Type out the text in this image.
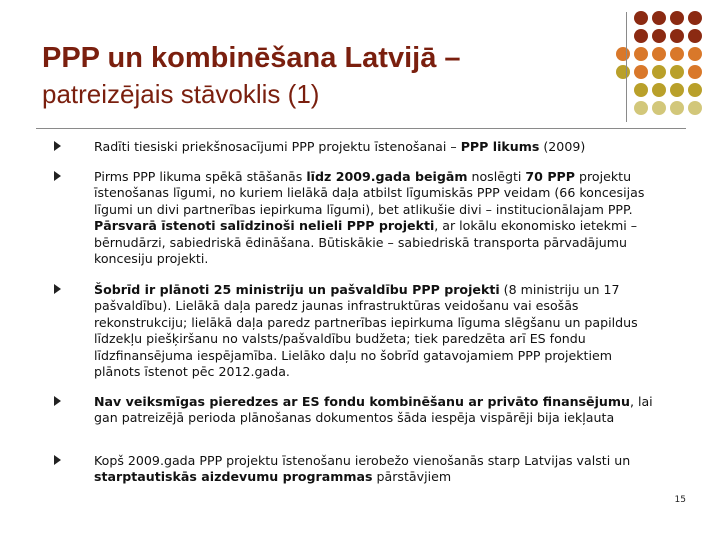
PPP un kombinēšana Latvijā –
patreizējais stāvoklis (1)
Radīti tiesiski priekšnosacījumi PPP projektu īstenošanai – PPP likums (2009)
Pirms PPP likuma spēkā stāšanās līdz 2009.gada beigām noslēgti 70 PPP projektu īstenošanas līgumi, no kuriem lielākā daļa atbilst līgumiskās PPP veidam (66 koncesijas līgumi un divi partnerības iepirkuma līgumi), bet atlikušie divi – institucionālajam PPP. Pārsvarā īstenoti salīdzinoši nelieli PPP projekti, ar lokālu ekonomisko ietekmi – bērnudārzi, sabiedriskā ēdināšana. Būtiskākie – sabiedriskā transporta pārvadājumu koncesiju projekti.
Šobrīd ir plānoti 25 ministriju un pašvaldību PPP projekti (8 ministriju un 17 pašvaldību). Lielākā daļa paredz jaunas infrastruktūras veidošanu vai esošās rekonstrukciju; lielākā daļa paredz partnerības iepirkuma līguma slēgšanu un papildus līdzekļu piešķiršanu no valsts/pašvaldību budžeta; tiek paredzēta arī ES fondu līdzfinansējuma iespējamība. Lielāko daļu no šobrīd gatavojamiem PPP projektiem plānots īstenot pēc 2012.gada.
Nav veiksmīgas pieredzes ar ES fondu kombinēšanu ar privāto finansējumu, lai gan patreizējā perioda plānošanas dokumentos šāda iespēja vispārēji bija iekļauta
Kopš 2009.gada PPP projektu īstenošanu ierobežo vienošanās starp Latvijas valsti un starptautiskās aizdevumu programmas pārstāvjiem
15
